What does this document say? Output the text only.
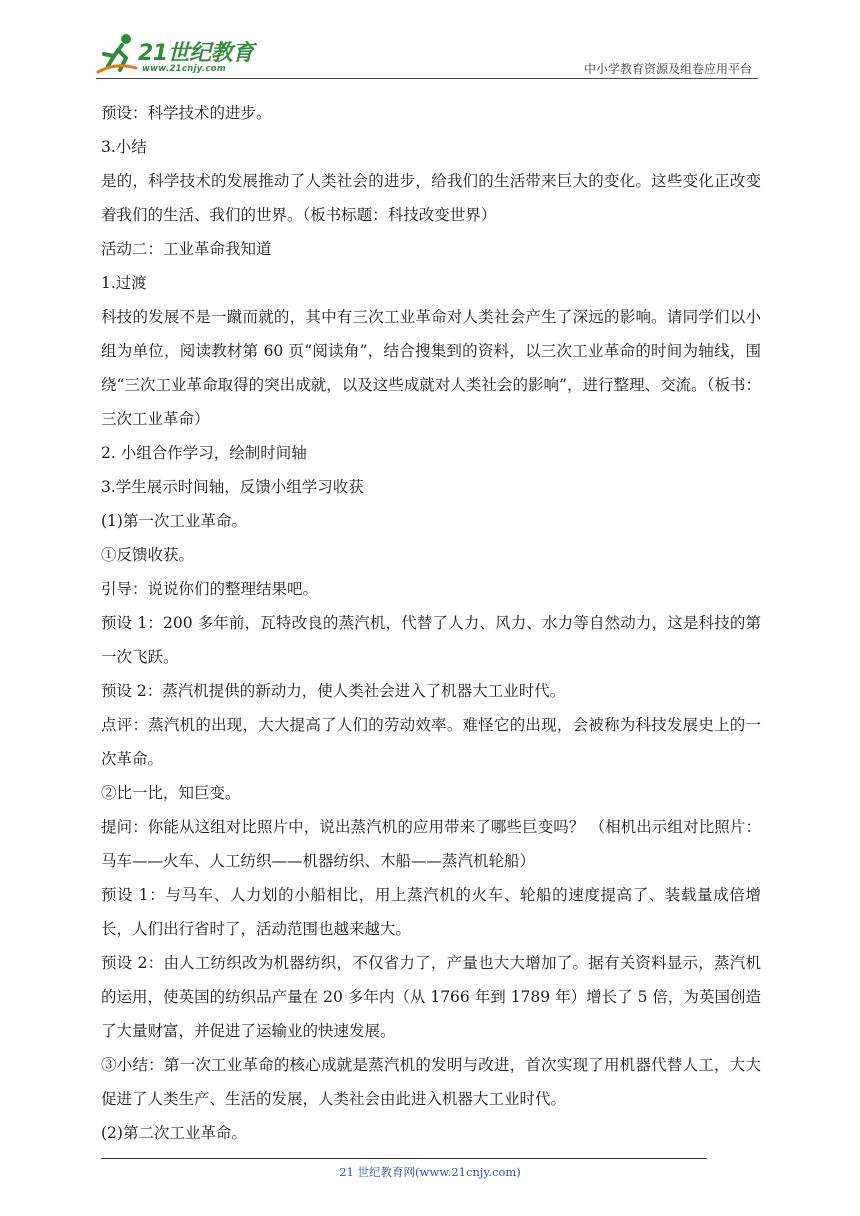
21世纪教育
www.21cnjy.com	中小学教育资源及组卷应用平台

预设：科学技术的进步。

3.小结

是的，科学技术的发展推动了人类社会的进步，给我们的生活带来巨大的变化。这些变化正改变着我们的生活、我们的世界。（板书标题：科技改变世界）

活动二：工业革命我知道

1.过渡

科技的发展不是一蹴而就的，其中有三次工业革命对人类社会产生了深远的影响。请同学们以小组为单位，阅读教材第 60 页“阅读角”，结合搜集到的资料，以三次工业革命的时间为轴线，围绕“三次工业革命取得的突出成就，以及这些成就对人类社会的影响”，进行整理、交流。（板书：三次工业革命）

2. 小组合作学习，绘制时间轴

3.学生展示时间轴，反馈小组学习收获

(1)第一次工业革命。

①反馈收获。

引导：说说你们的整理结果吧。

预设 1：200 多年前，瓦特改良的蒸汽机，代替了人力、风力、水力等自然动力，这是科技的第一次飞跃。

预设 2：蒸汽机提供的新动力，使人类社会进入了机器大工业时代。

点评：蒸汽机的出现，大大提高了人们的劳动效率。难怪它的出现，会被称为科技发展史上的一次革命。

②比一比，知巨变。

提问：你能从这组对比照片中，说出蒸汽机的应用带来了哪些巨变吗？ （相机出示组对比照片：马车——火车、人工纺织——机器纺织、木船——蒸汽机轮船）

预设 1：与马车、人力划的小船相比，用上蒸汽机的火车、轮船的速度提高了、装载量成倍增长，人们出行省时了，活动范围也越来越大。

预设 2：由人工纺织改为机器纺织，不仅省力了，产量也大大增加了。据有关资料显示，蒸汽机的运用，使英国的纺织品产量在 20 多年内（从 1766 年到 1789 年）增长了 5 倍，为英国创造了大量财富，并促进了运输业的快速发展。

③小结：第一次工业革命的核心成就是蒸汽机的发明与改进，首次实现了用机器代替人工，大大促进了人类生产、生活的发展，人类社会由此进入机器大工业时代。

(2)第二次工业革命。

21 世纪教育网(www.21cnjy.com)
